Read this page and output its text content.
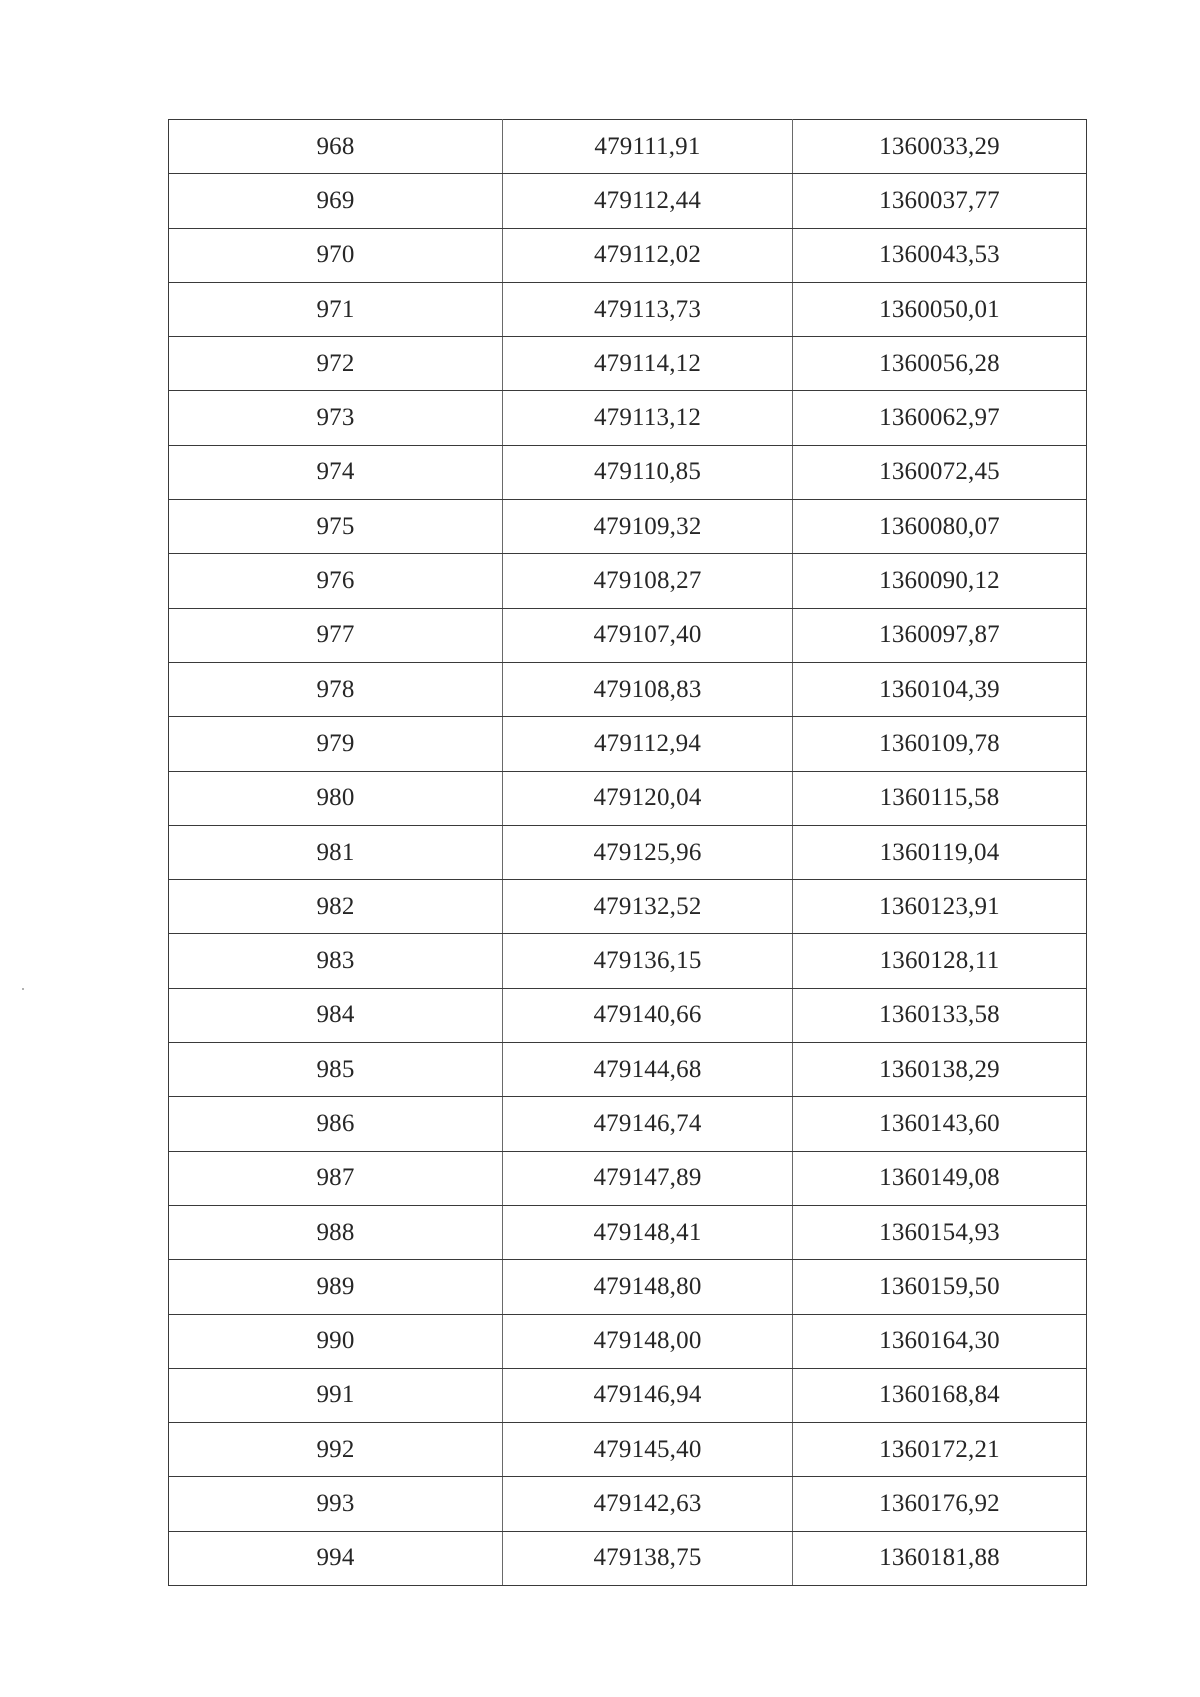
968	479111,91	1360033,29
969	479112,44	1360037,77
970	479112,02	1360043,53
971	479113,73	1360050,01
972	479114,12	1360056,28
973	479113,12	1360062,97
974	479110,85	1360072,45
975	479109,32	1360080,07
976	479108,27	1360090,12
977	479107,40	1360097,87
978	479108,83	1360104,39
979	479112,94	1360109,78
980	479120,04	1360115,58
981	479125,96	1360119,04
982	479132,52	1360123,91
983	479136,15	1360128,11
984	479140,66	1360133,58
985	479144,68	1360138,29
986	479146,74	1360143,60
987	479147,89	1360149,08
988	479148,41	1360154,93
989	479148,80	1360159,50
990	479148,00	1360164,30
991	479146,94	1360168,84
992	479145,40	1360172,21
993	479142,63	1360176,92
994	479138,75	1360181,88
